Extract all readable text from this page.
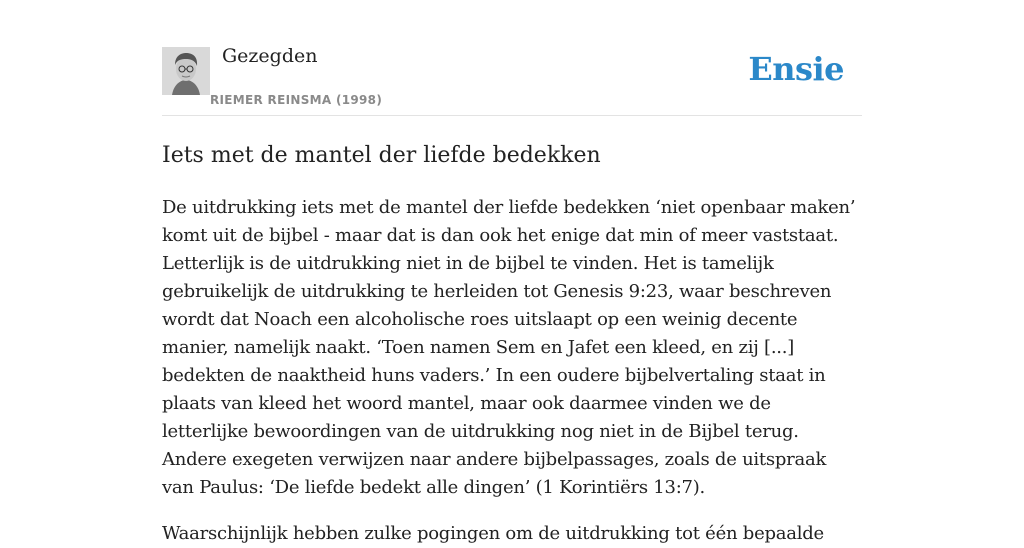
Gezegden
RIEMER REINSMA (1998)
Ensie
Iets met de mantel der liefde bedekken

De uitdrukking iets met de mantel der liefde bedekken ‘niet openbaar maken’ komt uit de bijbel - maar dat is dan ook het enige dat min of meer vaststaat. Letterlijk is de uitdrukking niet in de bijbel te vinden. Het is tamelijk gebruikelijk de uitdrukking te herleiden tot Genesis 9:23, waar beschreven wordt dat Noach een alcoholische roes uitslaapt op een weinig decente manier, namelijk naakt. ‘Toen namen Sem en Jafet een kleed, en zij [...] bedekten de naaktheid huns vaders.’ In een oudere bijbelvertaling staat in plaats van kleed het woord mantel, maar ook daarmee vinden we de letterlijke bewoordingen van de uitdrukking nog niet in de Bijbel terug. Andere exegeten verwijzen naar andere bijbelpassages, zoals de uitspraak van Paulus: ‘De liefde bedekt alle dingen’ (1 Korintiërs 13:7).

Waarschijnlijk hebben zulke pogingen om de uitdrukking tot één bepaalde
